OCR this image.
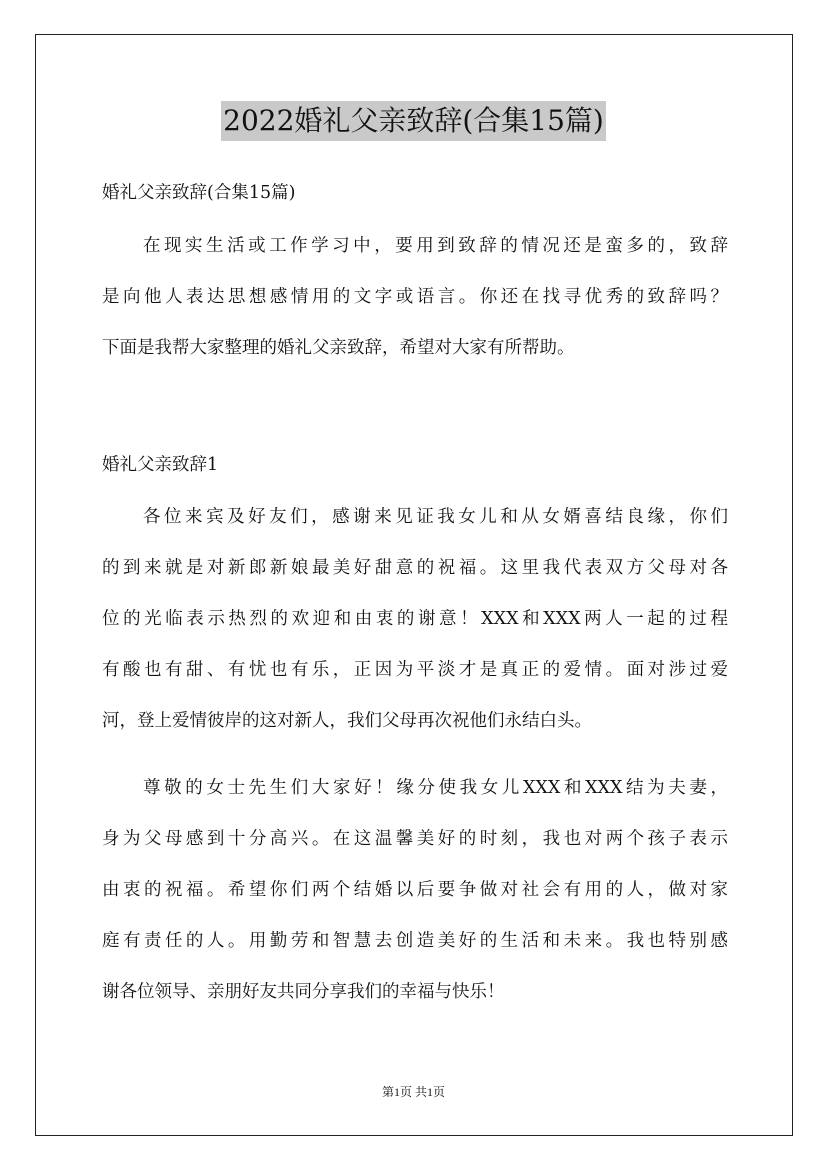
2022婚礼父亲致辞(合集15篇)
婚礼父亲致辞(合集15篇)
在现实生活或工作学习中，要用到致辞的情况还是蛮多的，致辞
是向他人表达思想感情用的文字或语言。你还在找寻优秀的致辞吗？
下面是我帮大家整理的婚礼父亲致辞，希望对大家有所帮助。
婚礼父亲致辞1
各位来宾及好友们，感谢来见证我女儿和从女婿喜结良缘，你们
的到来就是对新郎新娘最美好甜意的祝福。这里我代表双方父母对各
位的光临表示热烈的欢迎和由衷的谢意！XXX和XXX两人一起的过程
有酸也有甜、有忧也有乐，正因为平淡才是真正的爱情。面对涉过爱
河，登上爱情彼岸的这对新人，我们父母再次祝他们永结白头。
尊敬的女士先生们大家好！缘分使我女儿XXX和XXX结为夫妻，
身为父母感到十分高兴。在这温馨美好的时刻，我也对两个孩子表示
由衷的祝福。希望你们两个结婚以后要争做对社会有用的人，做对家
庭有责任的人。用勤劳和智慧去创造美好的生活和未来。我也特别感
谢各位领导、亲朋好友共同分享我们的幸福与快乐！
第1页 共1页
